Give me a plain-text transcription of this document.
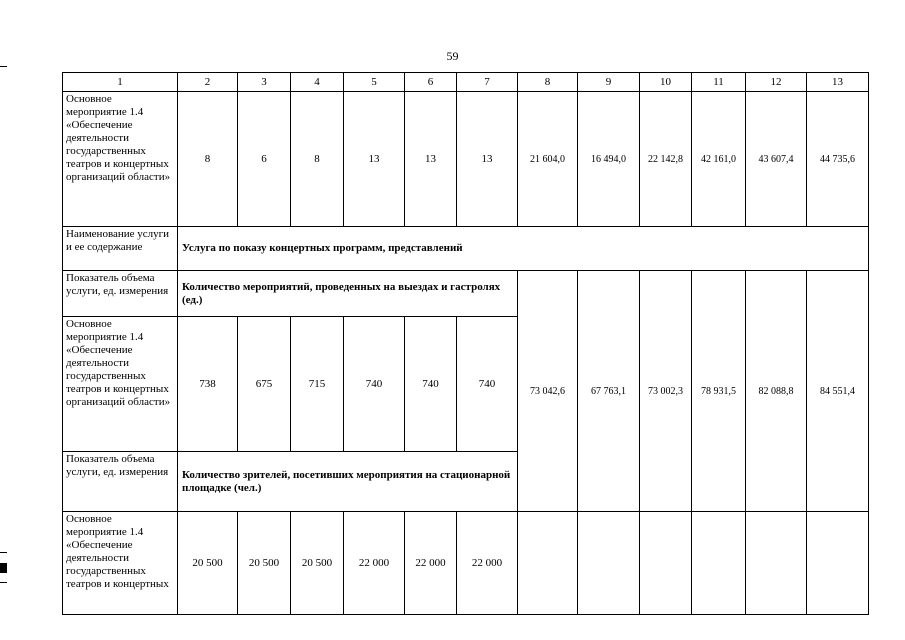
59
1	2	3	4	5	6	7	8	9	10	11	12	13
Основное мероприятие 1.4 «Обеспечение деятельности государственных театров и концертных организаций области»	8	6	8	13	13	13	21 604,0	16 494,0	22 142,8	42 161,0	43 607,4	44 735,6
Наименование услуги и ее содержание	Услуга по показу концертных программ, представлений											
Показатель объема услуги, ед. измерения	Количество мероприятий, проведенных на выездах и гастролях (ед.)						73 042,6	67 763,1	73 002,3	78 931,5	82 088,8	84 551,4
Основное мероприятие 1.4 «Обеспечение деятельности государственных театров и концертных организаций области»	738	675	715	740	740	740						
Показатель объема услуги, ед. измерения	Количество зрителей, посетивших мероприятия на стационарной площадке (чел.)											
Основное мероприятие 1.4 «Обеспечение деятельности государственных театров и концертных	20 500	20 500	20 500	22 000	22 000	22 000						
